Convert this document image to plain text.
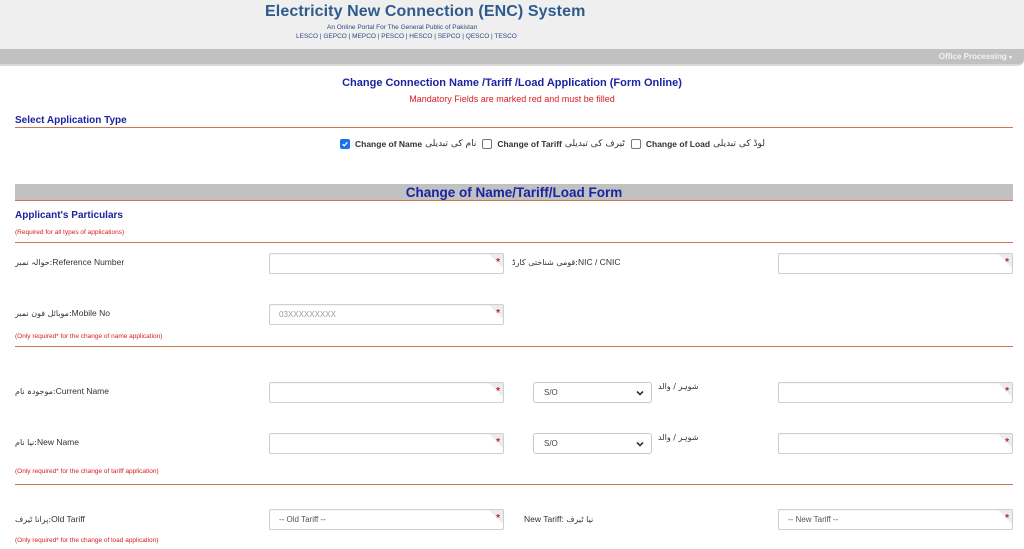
Electricity New Connection (ENC) System
An Online Portal For The General Public of Pakistan
LESCO | GEPCO | MEPCO | PESCO | HESCO | SEPCO | QESCO | TESCO
Office Processing ▾
Change Connection Name /Tariff /Load Application (Form Online)
Mandatory Fields are marked red and must be filled
Select Application Type
Change of Name نام کی تبدیلی Change of Tariff ٹیرف کی تبدیلی Change of Load لوڈ کی تبدیلی
Change of Name/Tariff/Load Form
Applicant's Particulars
(Required for all types of applications)
حوالہ نمبر:Reference Number *	قومی شناختی کارڈ:NIC / CNIC
*
موبائل فون نمبر:Mobile No	03XXXXXXXXX
*
(Only required* for the change of name application)
موجودہ نام:Current Name *	S/O
شوہر / والد
*
نیا نام:New Name *	S/O
شوہر / والد
*
(Only required* for the change of tariff application)
پرانا ٹیرف:Old Tariff	-- Old Tariff -- *	New Tariff: نیا ٹیرف	-- New Tariff --
*
(Only required* for the change of load application)
